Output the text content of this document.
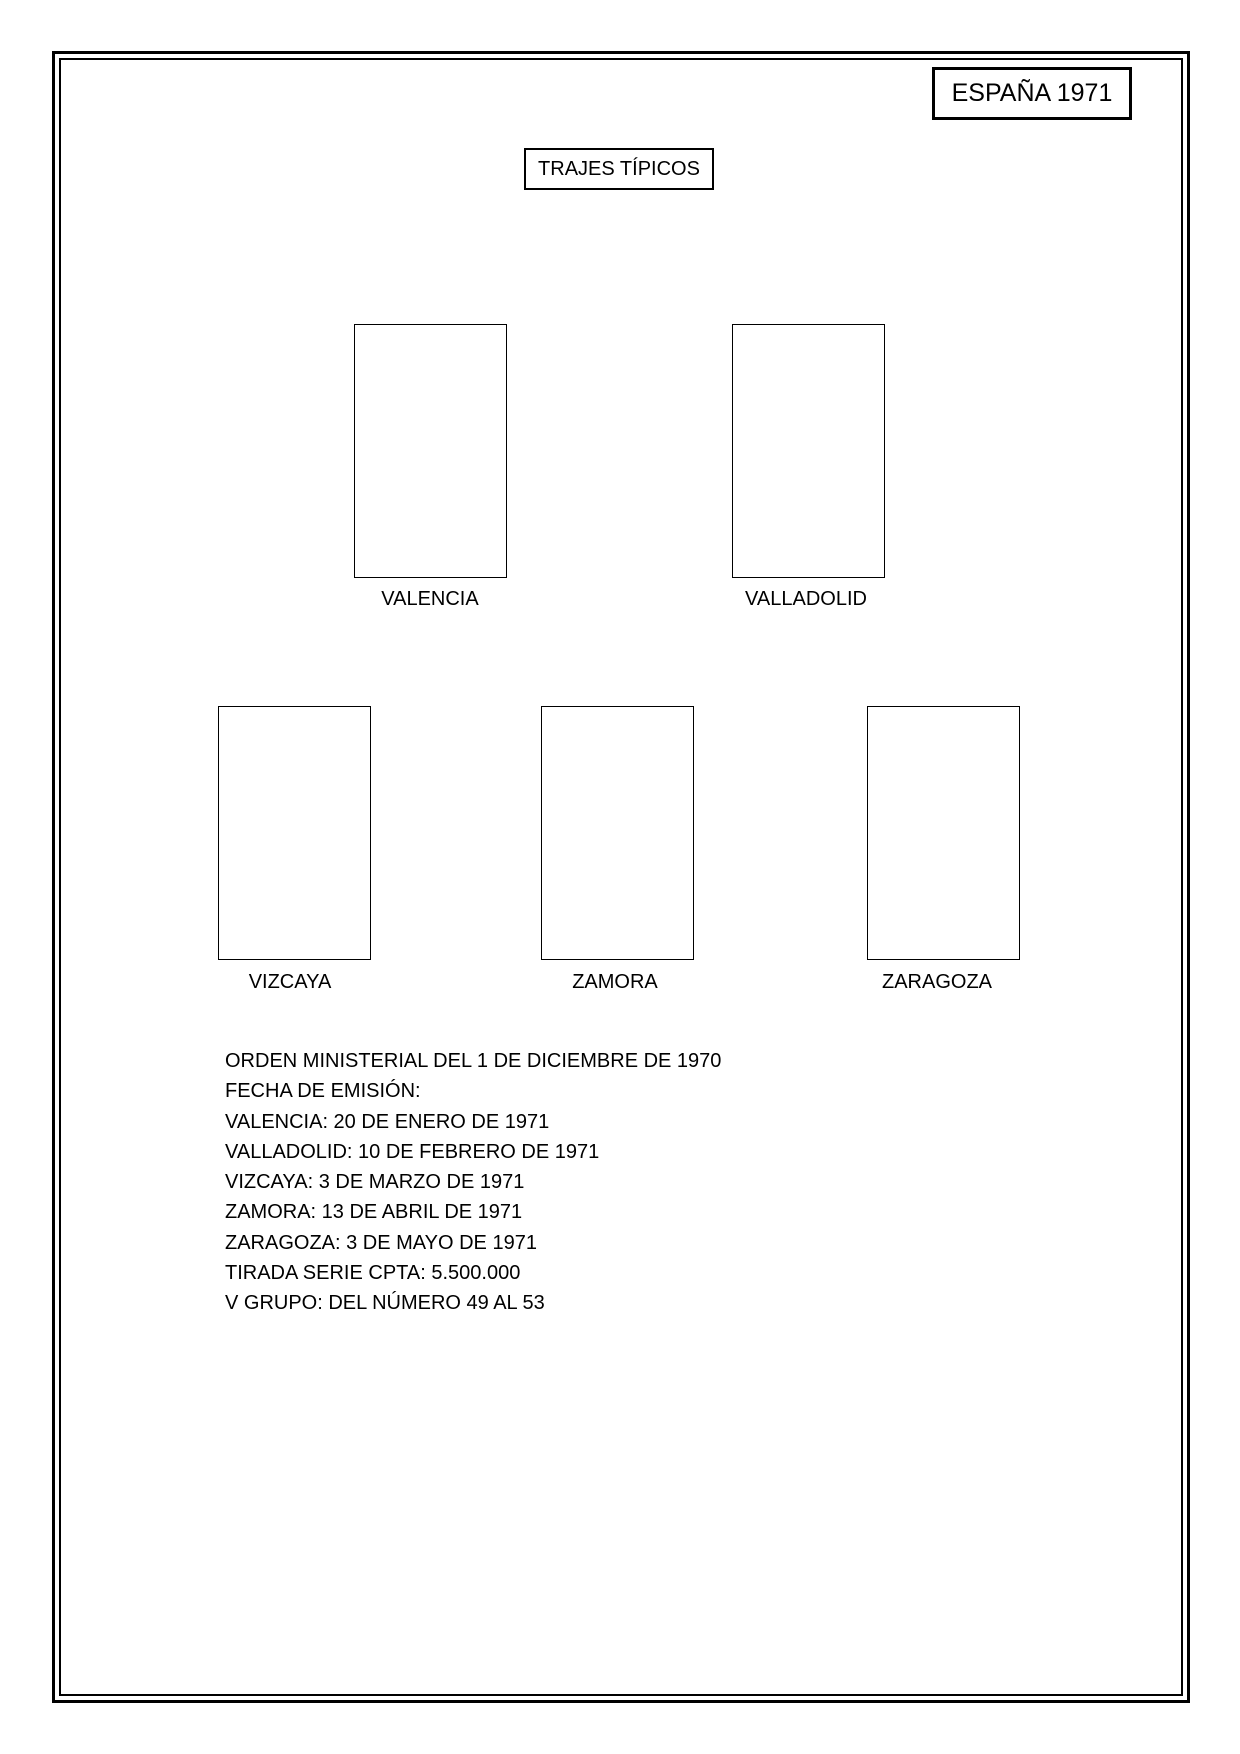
ESPAÑA 1971
TRAJES TÍPICOS
VALENCIA	VALLADOLID
VIZCAYA	ZAMORA	ZARAGOZA
ORDEN MINISTERIAL DEL 1 DE DICIEMBRE DE 1970
FECHA DE EMISIÓN:
VALENCIA: 20 DE ENERO DE 1971
VALLADOLID: 10 DE FEBRERO DE 1971
VIZCAYA: 3 DE MARZO DE 1971
ZAMORA: 13 DE ABRIL DE 1971
ZARAGOZA: 3 DE MAYO DE 1971
TIRADA SERIE CPTA: 5.500.000
V GRUPO: DEL NÚMERO 49 AL 53
